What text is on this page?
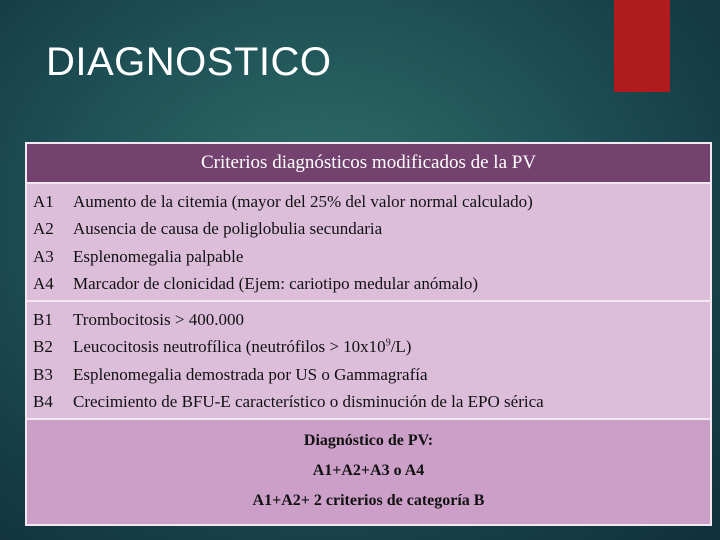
DIAGNOSTICO
Criterios diagnósticos modificados de la PV
A1	Aumento de la citemia (mayor del 25% del valor normal calculado)
A2	Ausencia de causa de poliglobulia secundaria
A3	Esplenomegalia palpable
A4	Marcador de clonicidad (Ejem: cariotipo medular anómalo)
B1	Trombocitosis > 400.000
B2	Leucocitosis neutrofílica (neutrófilos > $10x10^9/L$)
B3	Esplenomegalia demostrada por US o Gammagrafía
B4	Crecimiento de BFU-E característico o disminución de la EPO sérica
Diagnóstico de PV:
A1+A2+A3 o A4
A1+A2+ 2 criterios de categoría B
